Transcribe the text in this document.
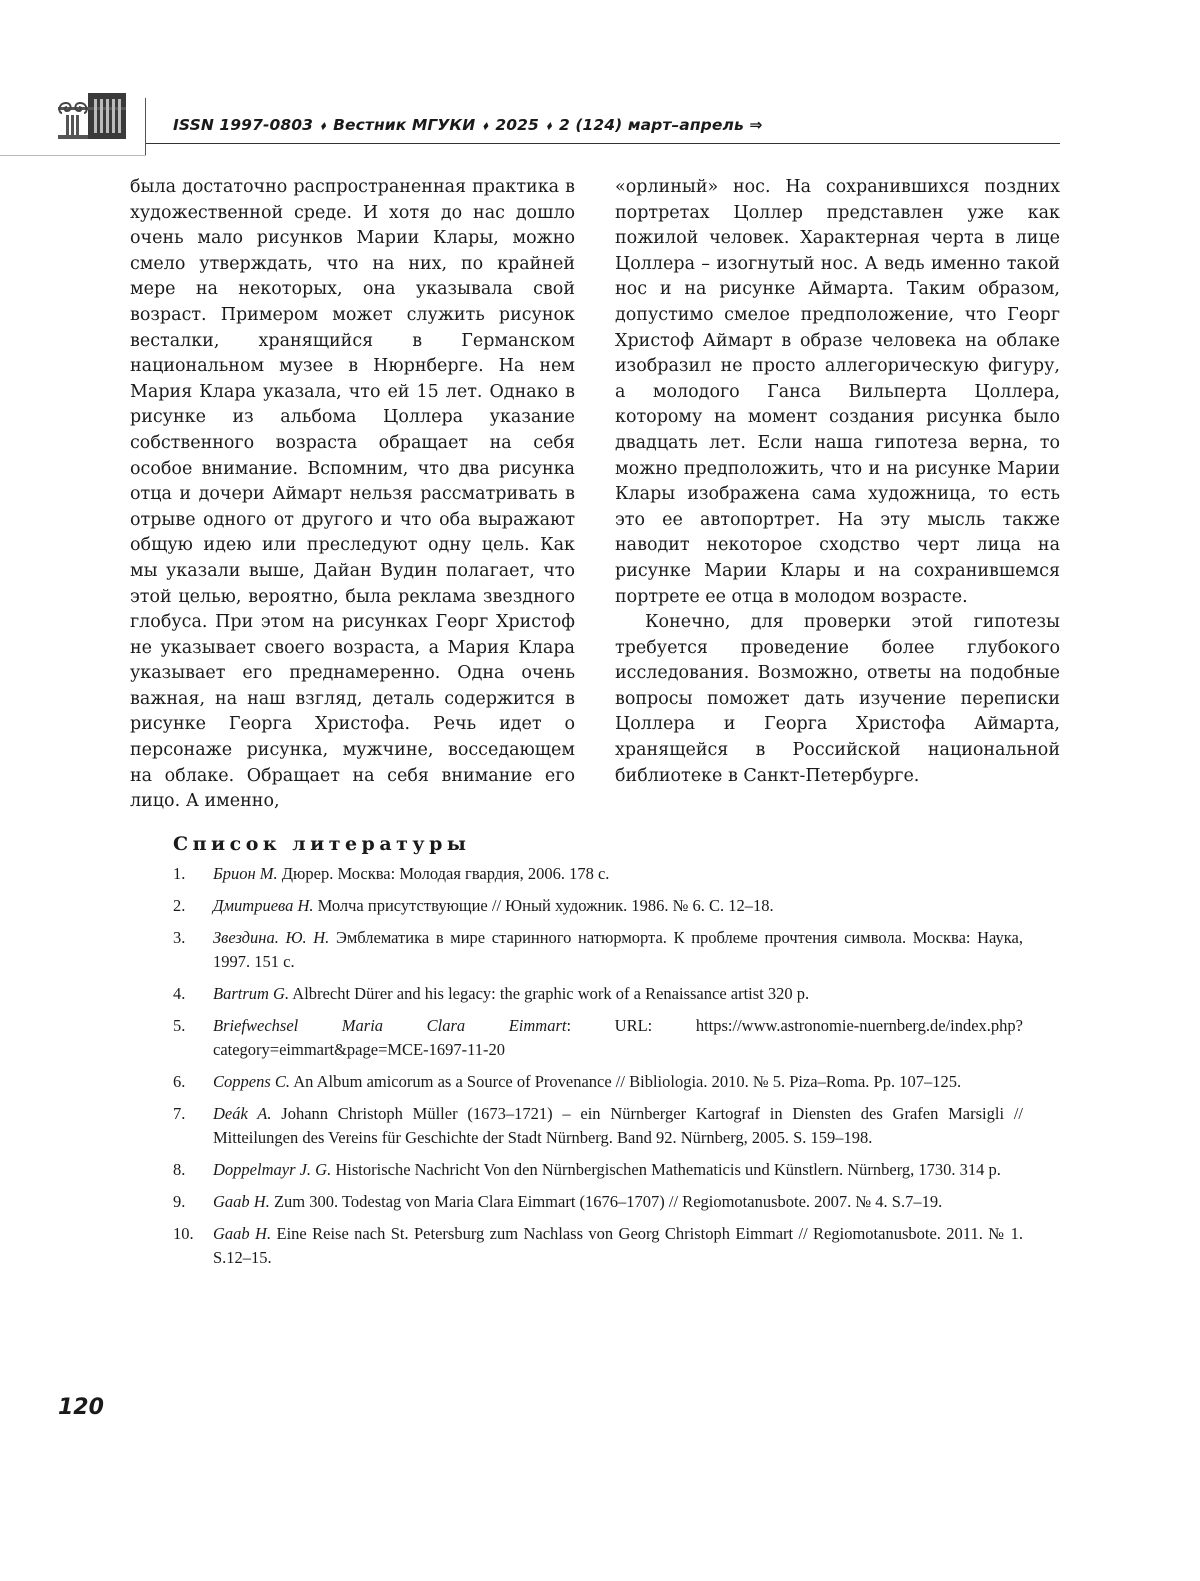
ISSN 1997-0803 ⬧ Вестник МГУКИ ⬧ 2025 ⬧ 2 (124) март–апрель ⇒

была достаточно распространенная практика в художественной среде. И хотя до нас дошло очень мало рисунков Марии Клары, можно смело утверждать, что на них, по крайней мере на некоторых, она указывала свой возраст. Примером может служить рисунок весталки, хранящийся в Германском национальном музее в Нюрнберге. На нем Мария Клара указала, что ей 15 лет. Однако в рисунке из альбома Цоллера указание собственного возраста обращает на себя особое внимание. Вспомним, что два рисунка отца и дочери Аймарт нельзя рассматривать в отрыве одного от другого и что оба выражают общую идею или преследуют одну цель. Как мы указали выше, Дайан Вудин полагает, что этой целью, вероятно, была реклама звездного глобуса. При этом на рисунках Георг Христоф не указывает своего возраста, а Мария Клара указывает его преднамеренно. Одна очень важная, на наш взгляд, деталь содержится в рисунке Георга Христофа. Речь идет о персонаже рисунка, мужчине, восседающем на облаке. Обращает на себя внимание его лицо. А именно,

«орлиный» нос. На сохранившихся поздних портретах Цоллер представлен уже как пожилой человек. Характерная черта в лице Цоллера – изогнутый нос. А ведь именно такой нос и на рисунке Аймарта. Таким образом, допустимо смелое предположение, что Георг Христоф Аймарт в образе человека на облаке изобразил не просто аллегорическую фигуру, а молодого Ганса Вильперта Цоллера, которому на момент создания рисунка было двадцать лет. Если наша гипотеза верна, то можно предположить, что и на рисунке Марии Клары изображена сама художница, то есть это ее автопортрет. На эту мысль также наводит некоторое сходство черт лица на рисунке Марии Клары и на сохранившемся портрете ее отца в молодом возрасте.

Конечно, для проверки этой гипотезы требуется проведение более глубокого исследования. Возможно, ответы на подобные вопросы поможет дать изучение переписки Цоллера и Георга Христофа Аймарта, хранящейся в Российской национальной библиотеке в Санкт-Петербурге.

Список литературы
1.	Брион М. Дюрер. Москва: Молодая гвардия, 2006. 178 с.
2.	Дмитриева Н. Молча присутствующие // Юный художник. 1986. № 6. С. 12–18.
3.	Звездина. Ю. Н. Эмблематика в мире старинного натюрморта. К проблеме прочтения символа. Москва: Наука, 1997. 151 с.
4.	Bartrum G. Albrecht Dürer and his legacy: the graphic work of a Renaissance artist 320 p.
5.	Briefwechsel Maria Clara Eimmart: URL: https://www.astronomie-nuernberg.de/index.php?category=eimmart&page=MCE-1697-11-20
6.	Coppens C. An Album amicorum as a Source of Provenance // Bibliologia. 2010. № 5. Piza–Roma. Pp. 107–125.
7.	Deák A. Johann Christoph Müller (1673–1721) – ein Nürnberger Kartograf in Diensten des Grafen Marsigli // Mitteilungen des Vereins für Geschichte der Stadt Nürnberg. Band 92. Nürnberg, 2005. S. 159–198.
8.	Doppelmayr J. G. Historische Nachricht Von den Nürnbergischen Mathematicis und Künstlern. Nürnberg, 1730. 314 p.
9.	Gaab H. Zum 300. Todestag von Maria Clara Eimmart (1676–1707) // Regiomotanusbote. 2007. № 4. S.7–19.
10.	Gaab H. Eine Reise nach St. Petersburg zum Nachlass von Georg Christoph Eimmart // Regiomotanusbote. 2011. № 1. S.12–15.
120
